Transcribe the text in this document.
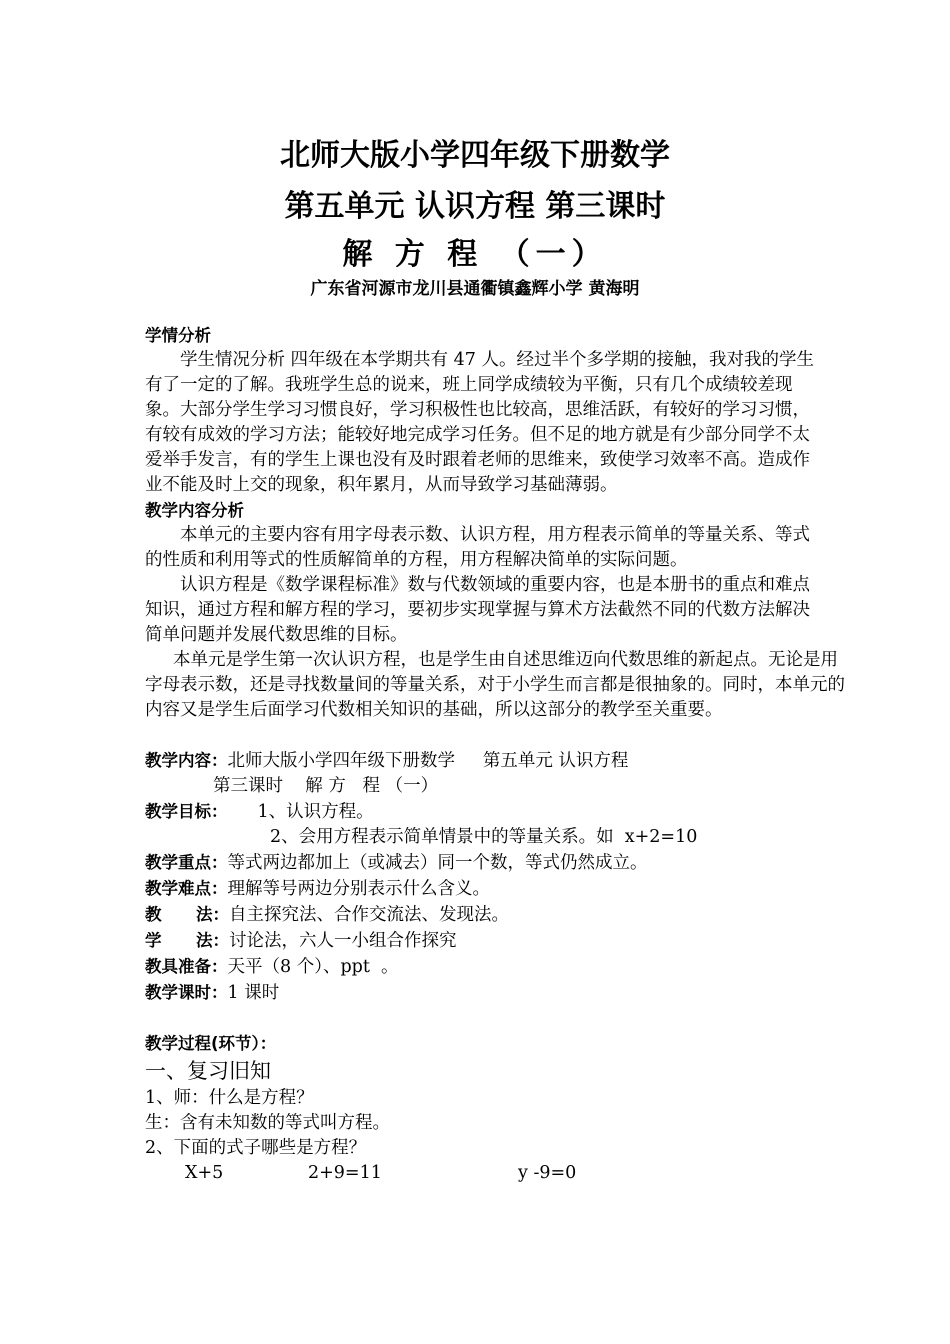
北师大版小学四年级下册数学
第五单元 认识方程 第三课时
解 方 程 （一）
广东省河源市龙川县通衢镇鑫辉小学 黄海明

学情分析

学生情况分析 四年级在本学期共有 47 人。经过半个多学期的接触，我对我的学生有了一定的了解。我班学生总的说来，班上同学成绩较为平衡，只有几个成绩较差现象。大部分学生学习习惯良好，学习积极性也比较高，思维活跃，有较好的学习习惯，有较有成效的学习方法；能较好地完成学习任务。但不足的地方就是有少部分同学不太爱举手发言，有的学生上课也没有及时跟着老师的思维来，致使学习效率不高。造成作业不能及时上交的现象，积年累月，从而导致学习基础薄弱。

教学内容分析

本单元的主要内容有用字母表示数、认识方程，用方程表示简单的等量关系、等式的性质和利用等式的性质解简单的方程，用方程解决简单的实际问题。

认识方程是《数学课程标准》数与代数领域的重要内容，也是本册书的重点和难点知识，通过方程和解方程的学习，要初步实现掌握与算术方法截然不同的代数方法解决简单问题并发展代数思维的目标。

本单元是学生第一次认识方程，也是学生由自述思维迈向代数思维的新起点。无论是用字母表示数，还是寻找数量间的等量关系，对于小学生而言都是很抽象的。同时，本单元的内容又是学生后面学习代数相关知识的基础，所以这部分的教学至关重要。

教学内容：北师大版小学四年级下册数学     第五单元 认识方程

第三课时    解 方   程 （一）

教学目标： 1、认识方程。

2、会用方程表示简单情景中的等量关系。如  x+2=10

教学重点：等式两边都加上（或减去）同一个数，等式仍然成立。

教学难点：理解等号两边分别表示什么含义。

教      法：自主探究法、合作交流法、发现法。

学      法：讨论法，六人一小组合作探究

教具准备：天平（8 个）、ppt  。

教学课时：1 课时

教学过程(环节）：

一、复习旧知

1、师：什么是方程？

生：含有未知数的等式叫方程。

2、下面的式子哪些是方程？

X+5	2+9=11	y -9=0
